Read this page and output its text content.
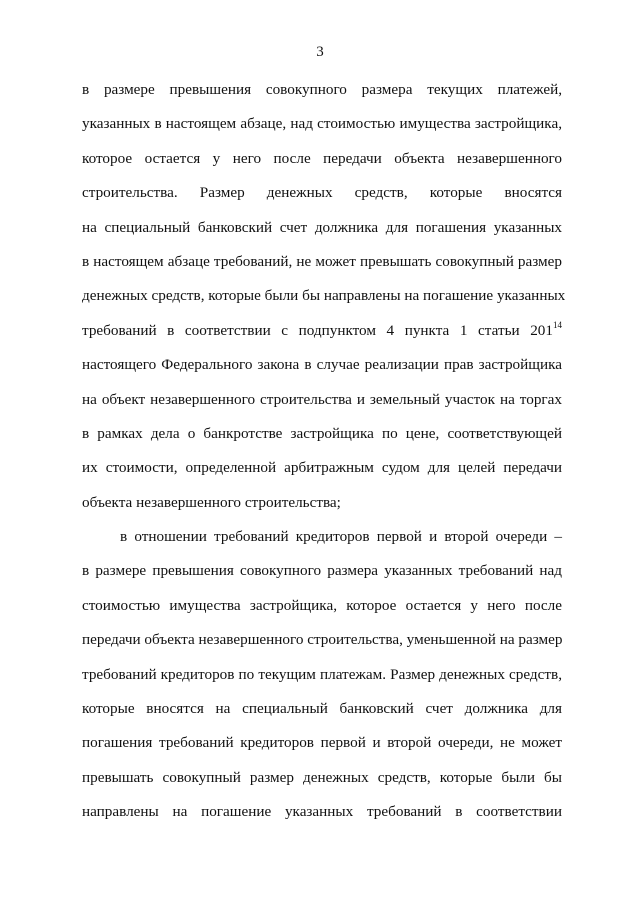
3
в размере превышения совокупного размера текущих платежей,
указанных в настоящем абзаце, над стоимостью имущества застройщика,
которое остается у него после передачи объекта незавершенного
строительства. Размер денежных средств, которые вносятся
на специальный банковский счет должника для погашения указанных
в настоящем абзаце требований, не может превышать совокупный размер
денежных средств, которые были бы направлены на погашение указанных
требований в соответствии с подпунктом 4 пункта 1 статьи $201^{14}$
настоящего Федерального закона в случае реализации прав застройщика
на объект незавершенного строительства и земельный участок на торгах
в рамках дела о банкротстве застройщика по цене, соответствующей
их стоимости, определенной арбитражным судом для целей передачи
объекта незавершенного строительства;
в отношении требований кредиторов первой и второй очереди –
в размере превышения совокупного размера указанных требований над
стоимостью имущества застройщика, которое остается у него после
передачи объекта незавершенного строительства, уменьшенной на размер
требований кредиторов по текущим платежам. Размер денежных средств,
которые вносятся на специальный банковский счет должника для
погашения требований кредиторов первой и второй очереди, не может
превышать совокупный размер денежных средств, которые были бы
направлены на погашение указанных требований в соответствии
